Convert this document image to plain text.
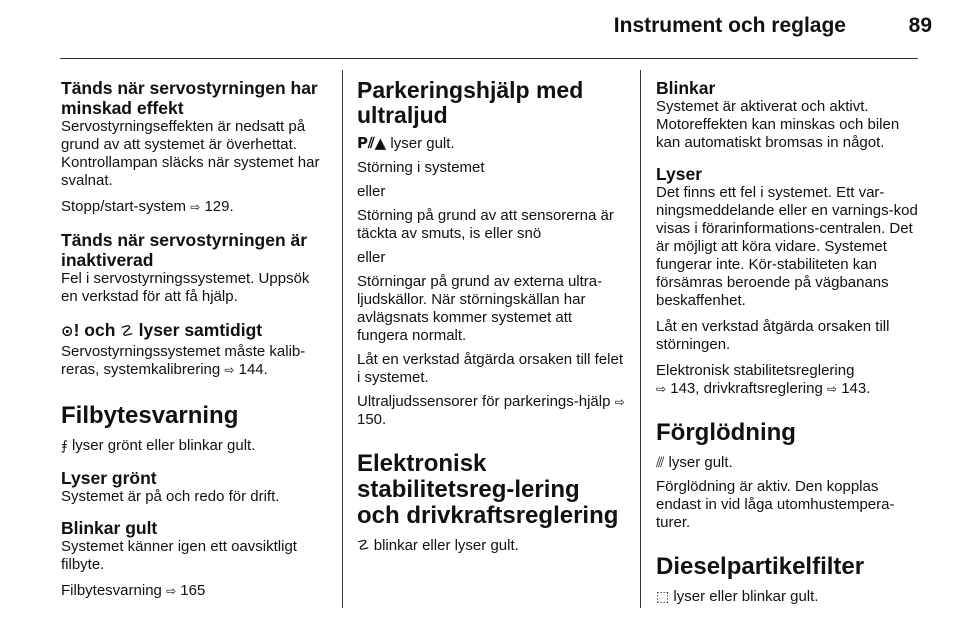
Instrument och reglage	89

Tänds när servostyrningen har minskad effekt

Servostyrningseffekten är nedsatt på grund av att systemet är överhettat. Kontrollampan släcks när systemet har svalnat.

Stopp/start-system ⇨ 129.

Tänds när servostyrningen är inaktiverad

Fel i servostyrningssystemet. Uppsök en verkstad för att få hjälp.

⊙! och ☡ lyser samtidigt

Servostyrningssystemet måste kalib-reras, systemkalibrering ⇨ 144.

Filbytesvarning

⨎ lyser grönt eller blinkar gult.

Lyser grönt

Systemet är på och redo för drift.

Blinkar gult

Systemet känner igen ett oavsiktligt filbyte.

Filbytesvarning ⇨ 165

Parkeringshjälp med ultraljud

P⫽▲ lyser gult.

Störning i systemet

eller

Störning på grund av att sensorerna är täckta av smuts, is eller snö

eller

Störningar på grund av externa ultra-ljudskällor. När störningskällan har avlägsnats kommer systemet att fungera normalt.

Låt en verkstad åtgärda orsaken till felet i systemet.

Ultraljudssensorer för parkerings-hjälp ⇨ 150.

Elektronisk stabilitetsreg-lering och drivkraftsreglering

☡ blinkar eller lyser gult.

Blinkar

Systemet är aktiverat och aktivt. Motoreffekten kan minskas och bilen kan automatiskt bromsas in något.

Lyser

Det finns ett fel i systemet. Ett var-ningsmeddelande eller en varnings-kod visas i förarinformations-centralen. Det är möjligt att köra vidare. Systemet fungerar inte. Kör-stabiliteten kan försämras beroende på vägbanans beskaffenhet.

Låt en verkstad åtgärda orsaken till störningen.

Elektronisk stabilitetsreglering
⇨ 143, drivkraftsreglering ⇨ 143.

Förglödning

⫻ lyser gult.

Förglödning är aktiv. Den kopplas endast in vid låga utomhustempera-turer.

Dieselpartikelfilter

⬚ lyser eller blinkar gult.
